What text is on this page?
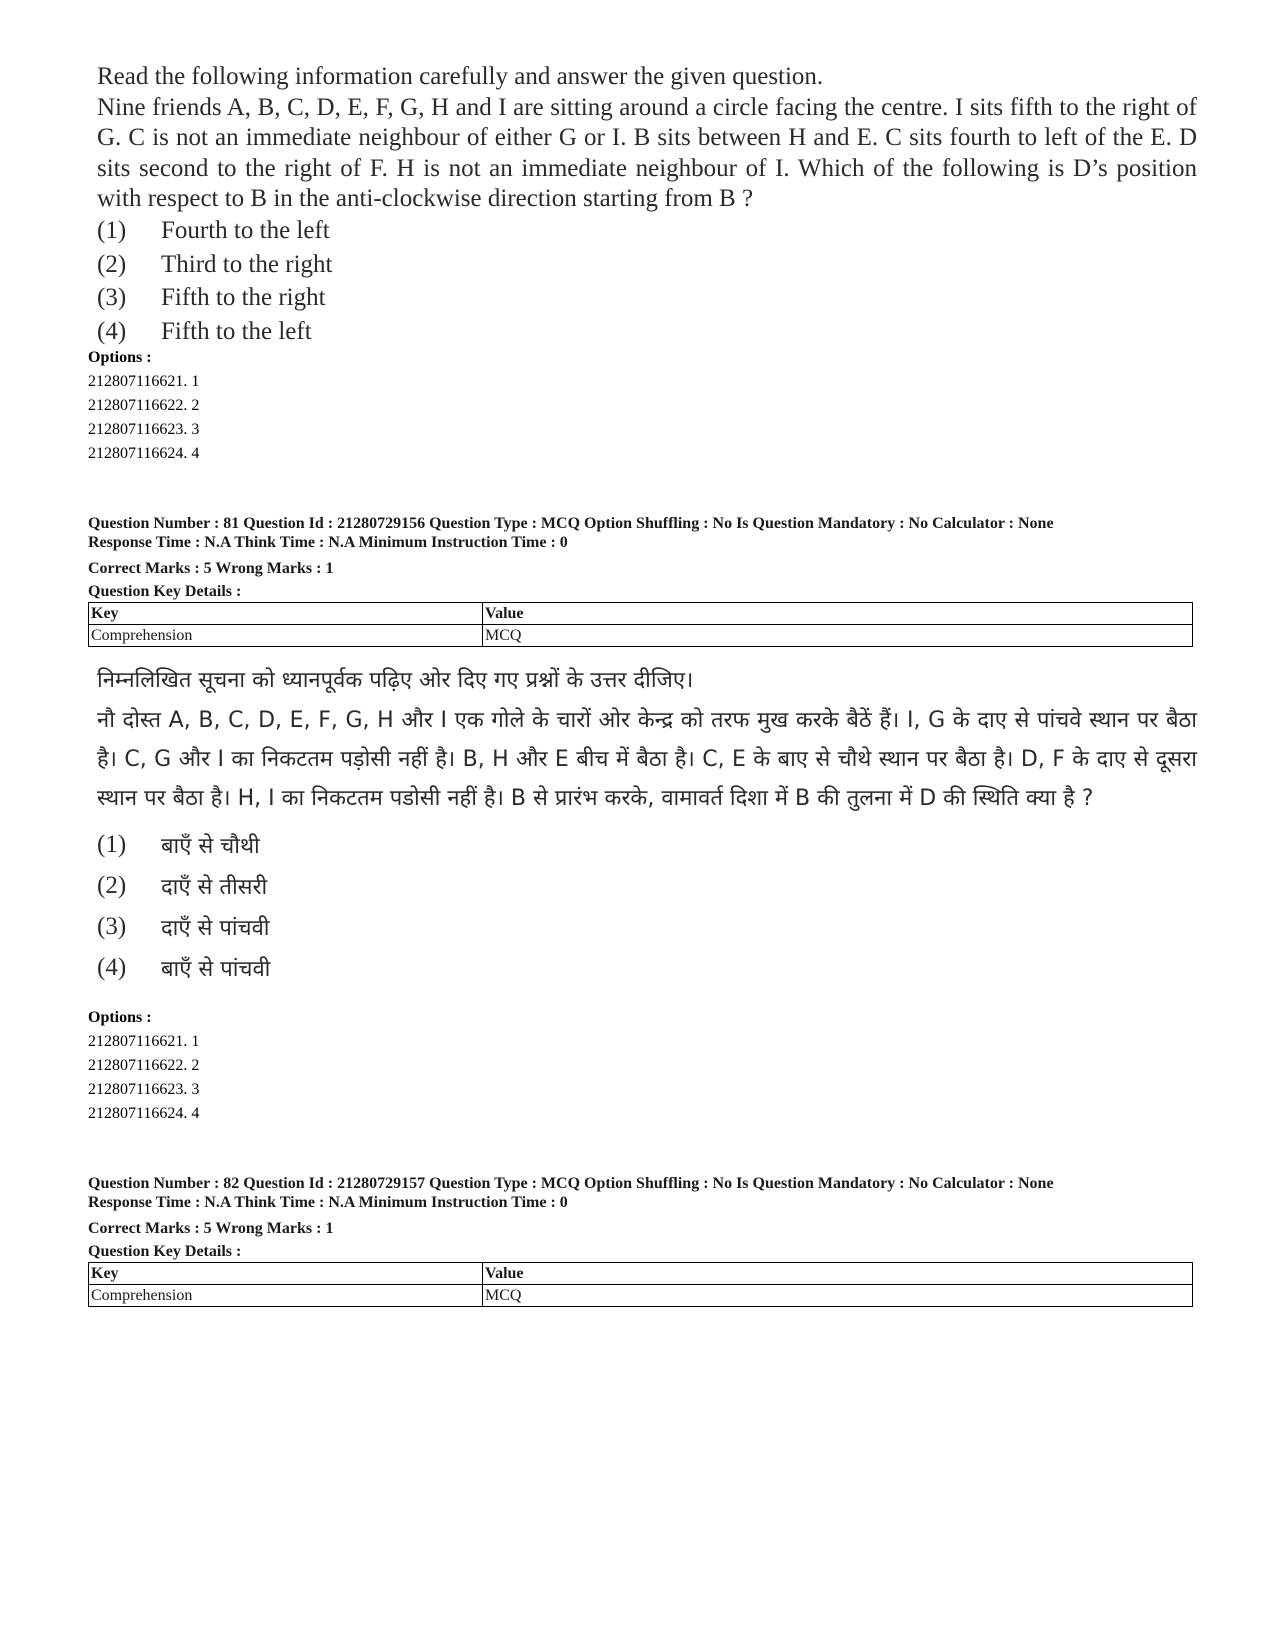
Read the following information carefully and answer the given question.
Nine friends A, B, C, D, E, F, G, H and I are sitting around a circle facing the centre. I sits fifth to the right of G. C is not an immediate neighbour of either G or I. B sits between H and E. C sits fourth to left of the E. D sits second to the right of F. H is not an immediate neighbour of I. Which of the following is D’s position with respect to B in the anti-clockwise direction starting from B ?
(1)	Fourth to the left
(2)	Third to the right
(3)	Fifth to the right
(4)	Fifth to the left
Options :
212807116621. 1
212807116622. 2
212807116623. 3
212807116624. 4
Question Number : 81 Question Id : 21280729156 Question Type : MCQ Option Shuffling : No Is Question Mandatory : No Calculator : None
Response Time : N.A Think Time : N.A Minimum Instruction Time : 0
Correct Marks : 5 Wrong Marks : 1
Question Key Details :
Key	Value
Comprehension	MCQ
निम्नलिखित सूचना को ध्यानपूर्वक पढ़िए ओर दिए गए प्रश्नों के उत्तर दीजिए।
नौ दोस्त A, B, C, D, E, F, G, H और I एक गोले के चारों ओर केन्द्र को तरफ मुख करके बैठें हैं। I, G के दाए से पांचवे स्थान पर बैठा है। C, G और I का निकटतम पड़ोसी नहीं है। B, H और E बीच में बैठा है। C, E के बाए से चौथे स्थान पर बैठा है। D, F के दाए से दूसरा स्थान पर बैठा है। H, I का निकटतम पडोसी नहीं है। B से प्रारंभ करके, वामावर्त दिशा में B की तुलना में D की स्थिति क्या है ?
(1)	बाएँ से चौथी
(2)	दाएँ से तीसरी
(3)	दाएँ से पांचवी
(4)	बाएँ से पांचवी
Options :
212807116621. 1
212807116622. 2
212807116623. 3
212807116624. 4
Question Number : 82 Question Id : 21280729157 Question Type : MCQ Option Shuffling : No Is Question Mandatory : No Calculator : None
Response Time : N.A Think Time : N.A Minimum Instruction Time : 0
Correct Marks : 5 Wrong Marks : 1
Question Key Details :
Key	Value
Comprehension	MCQ
